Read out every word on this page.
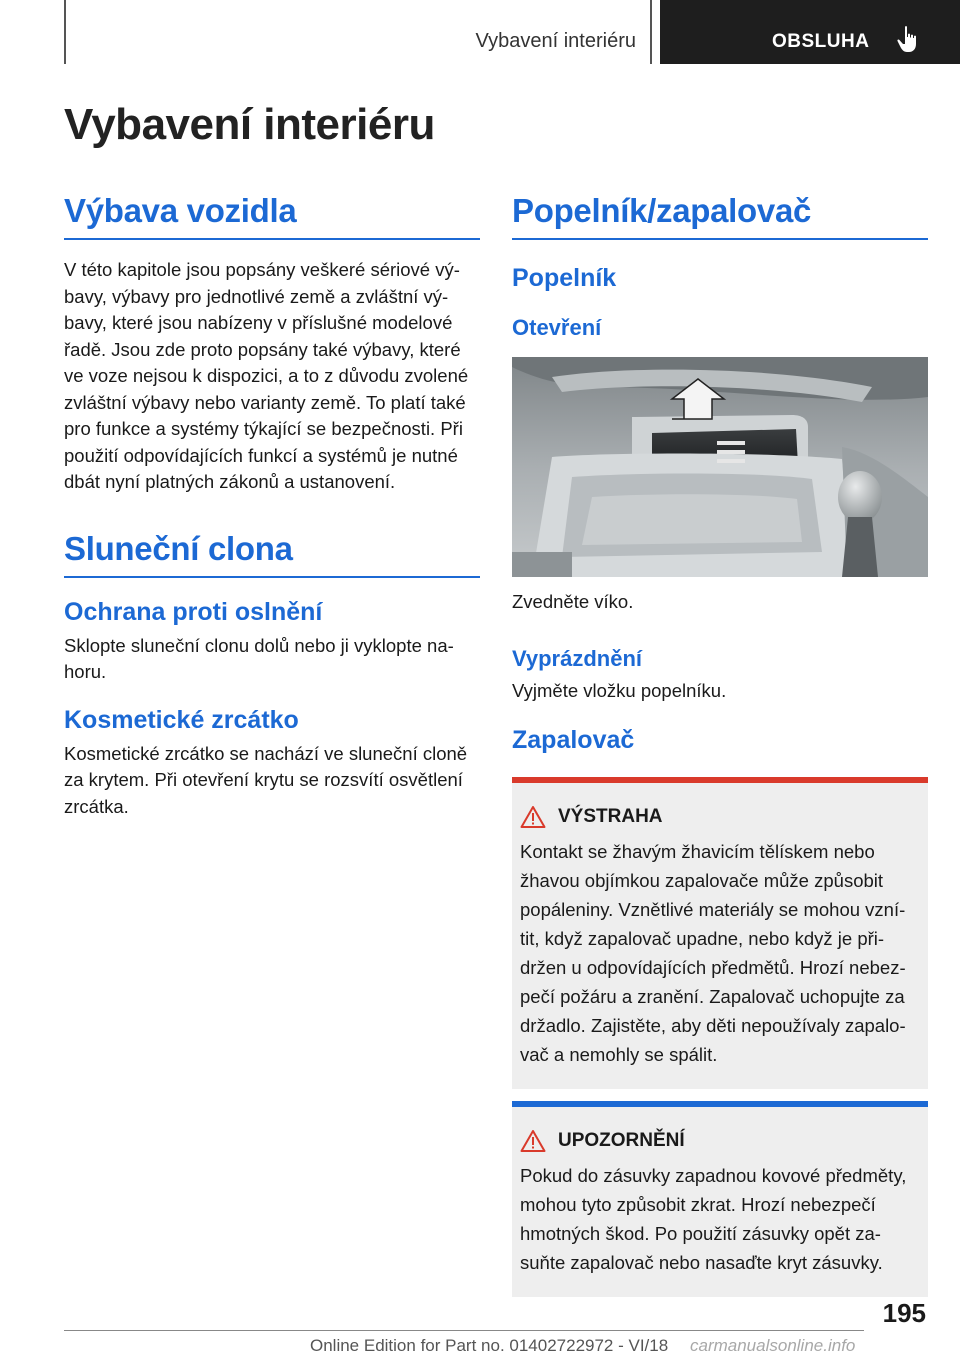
Vybavení interiéru	OBSLUHA
Vybavení interiéru
Výbava vozidla

V této kapitole jsou popsány veškeré sériové vý-bavy, výbavy pro jednotlivé země a zvláštní vý-bavy, které jsou nabízeny v příslušné modelové řadě. Jsou zde proto popsány také výbavy, které ve voze nejsou k dispozici, a to z důvodu zvolené zvláštní výbavy nebo varianty země. To platí také pro funkce a systémy týkající se bezpečnosti. Při použití odpovídajících funkcí a systémů je nutné dbát nyní platných zákonů a ustanovení.

Sluneční clona
Ochrana proti oslnění

Sklopte sluneční clonu dolů nebo ji vyklopte na-horu.

Kosmetické zrcátko

Kosmetické zrcátko se nachází ve sluneční cloně za krytem. Při otevření krytu se rozsvítí osvětlení zrcátka.

Popelník/zapalovač
Popelník
Otevření

Zvedněte víko.

Vyprázdnění

Vyjměte vložku popelníku.

Zapalovač
VÝSTRAHA

Kontakt se žhavým žhavicím tělískem nebo žhavou objímkou zapalovače může způsobit popáleniny. Vznětlivé materiály se mohou vzní-tit, když zapalovač upadne, nebo když je při-držen u odpovídajících předmětů. Hrozí nebez-pečí požáru a zranění. Zapalovač uchopujte za držadlo. Zajistěte, aby děti nepoužívaly zapalo-vač a nemohly se spálit.

UPOZORNĚNÍ

Pokud do zásuvky zapadnou kovové předměty, mohou tyto způsobit zkrat. Hrozí nebezpečí hmotných škod. Po použití zásuvky opět za-suňte zapalovač nebo nasaďte kryt zásuvky.

195
Online Edition for Part no. 01402722972 - VI/18 carmanualsonline.info
